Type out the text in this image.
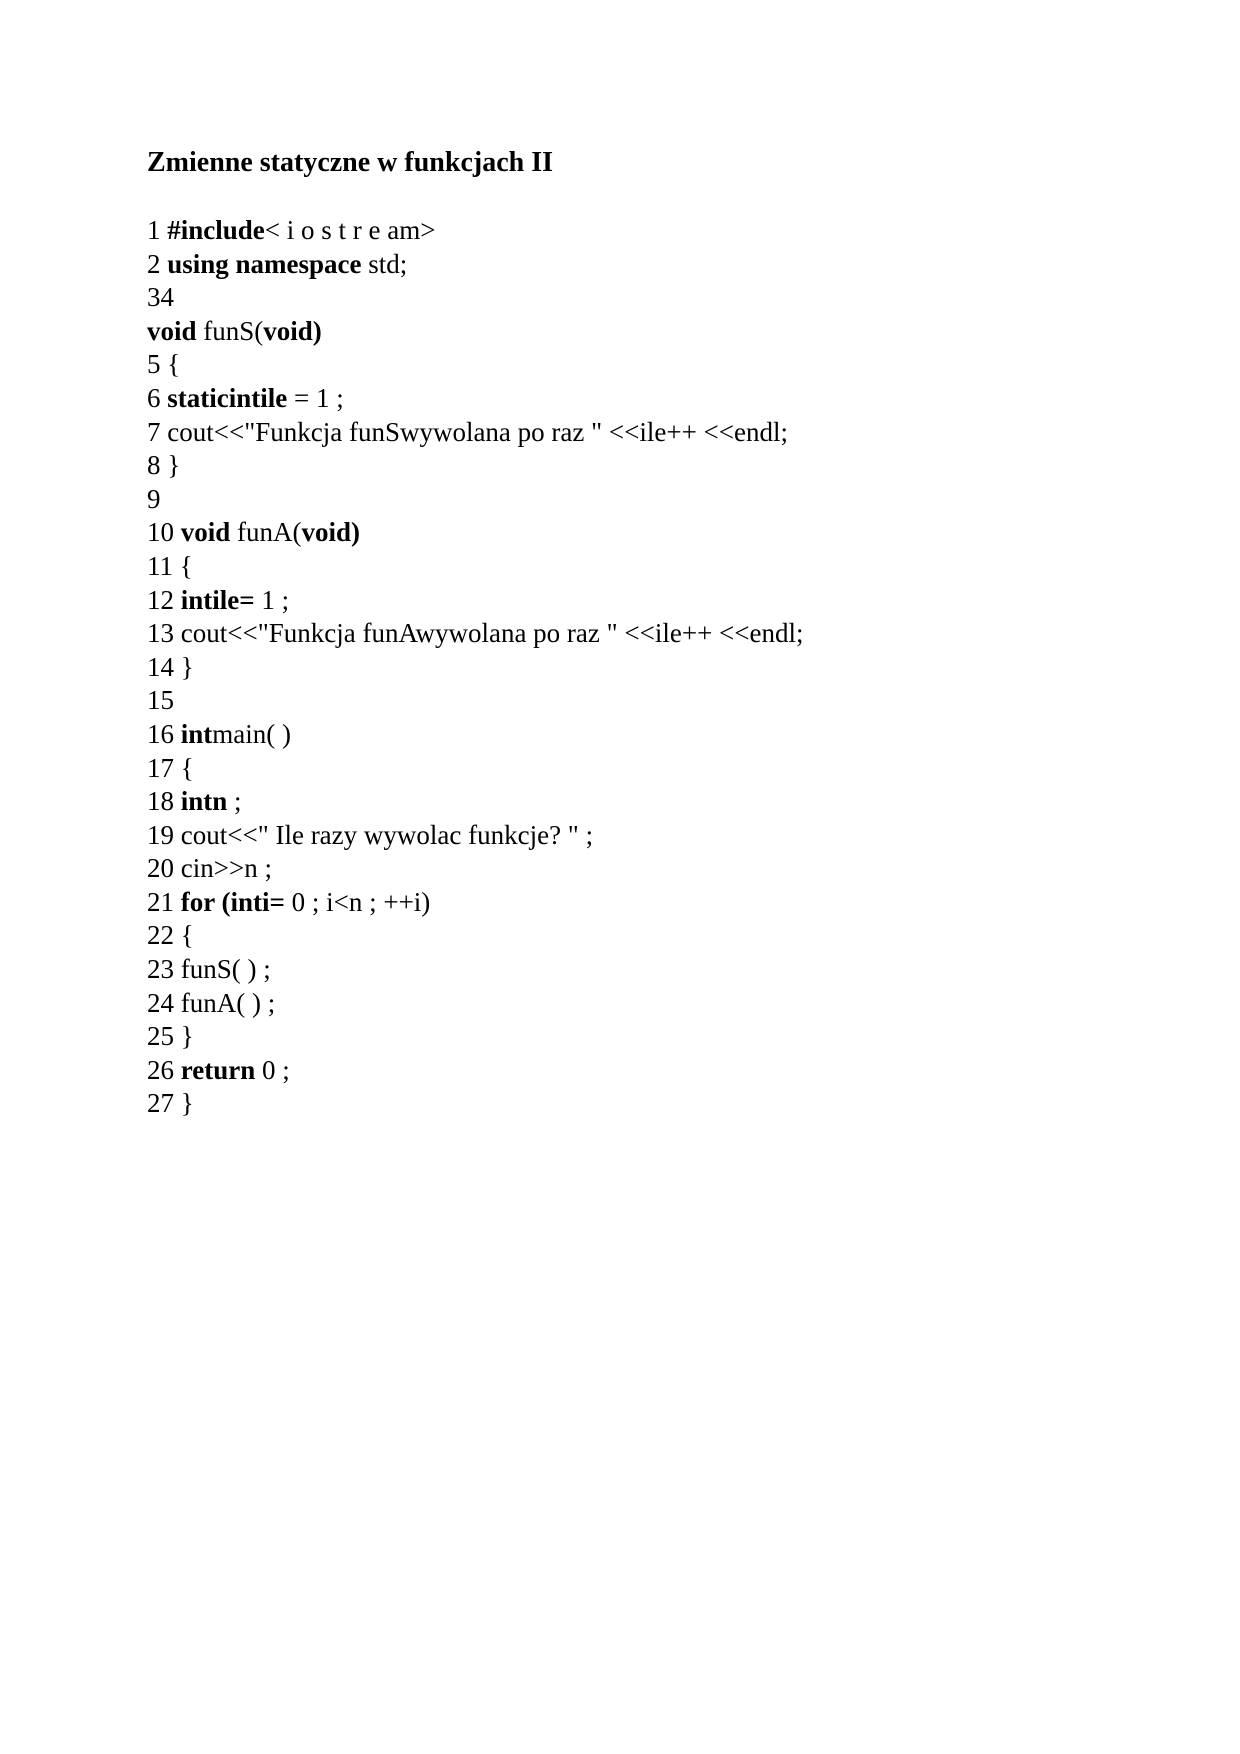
Zmienne statyczne w funkcjach II
1 #include< i o s t r e am>
2 using namespace std;
34
void funS(void)
5 {
6 staticintile = 1 ;
7 cout<<"Funkcja funSwywolana po raz " <<ile++ <<endl;
8 }
9
10 void funA(void)
11 {
12 intile= 1 ;
13 cout<<"Funkcja funAwywolana po raz " <<ile++ <<endl;
14 }
15
16 intmain( )
17 {
18 intn ;
19 cout<<" Ile razy wywolac funkcje? " ;
20 cin>>n ;
21 for (inti= 0 ; i<n ; ++i)
22 {
23 funS( ) ;
24 funA( ) ;
25 }
26 return 0 ;
27 }
